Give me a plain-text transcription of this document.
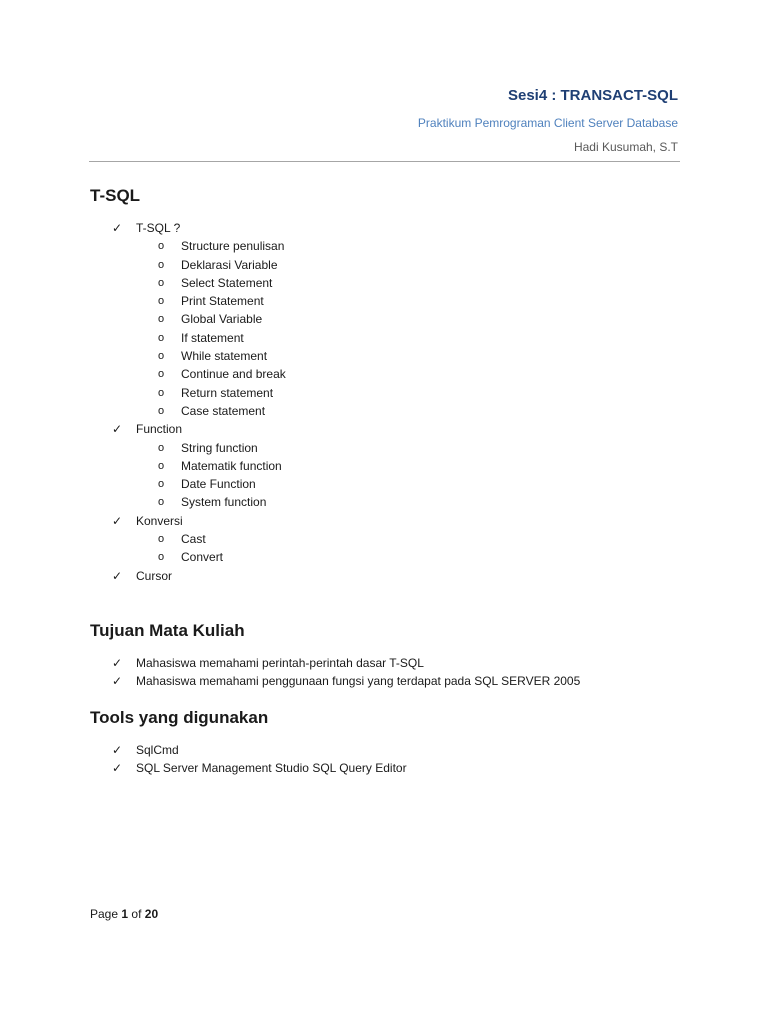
Sesi4 : TRANSACT-SQL
Praktikum Pemrograman Client Server Database
Hadi Kusumah, S.T
T-SQL
✓ T-SQL ?
o Structure penulisan
o Deklarasi Variable
o Select Statement
o Print Statement
o Global Variable
o If statement
o While statement
o Continue and break
o Return statement
o Case statement
✓ Function
o String function
o Matematik function
o Date Function
o System function
✓ Konversi
o Cast
o Convert
✓ Cursor
Tujuan Mata Kuliah
✓ Mahasiswa memahami perintah-perintah dasar T-SQL
✓ Mahasiswa memahami penggunaan fungsi yang terdapat pada SQL SERVER 2005
Tools yang digunakan
✓ SqlCmd
✓ SQL Server Management Studio SQL Query Editor
Page 1 of 20
